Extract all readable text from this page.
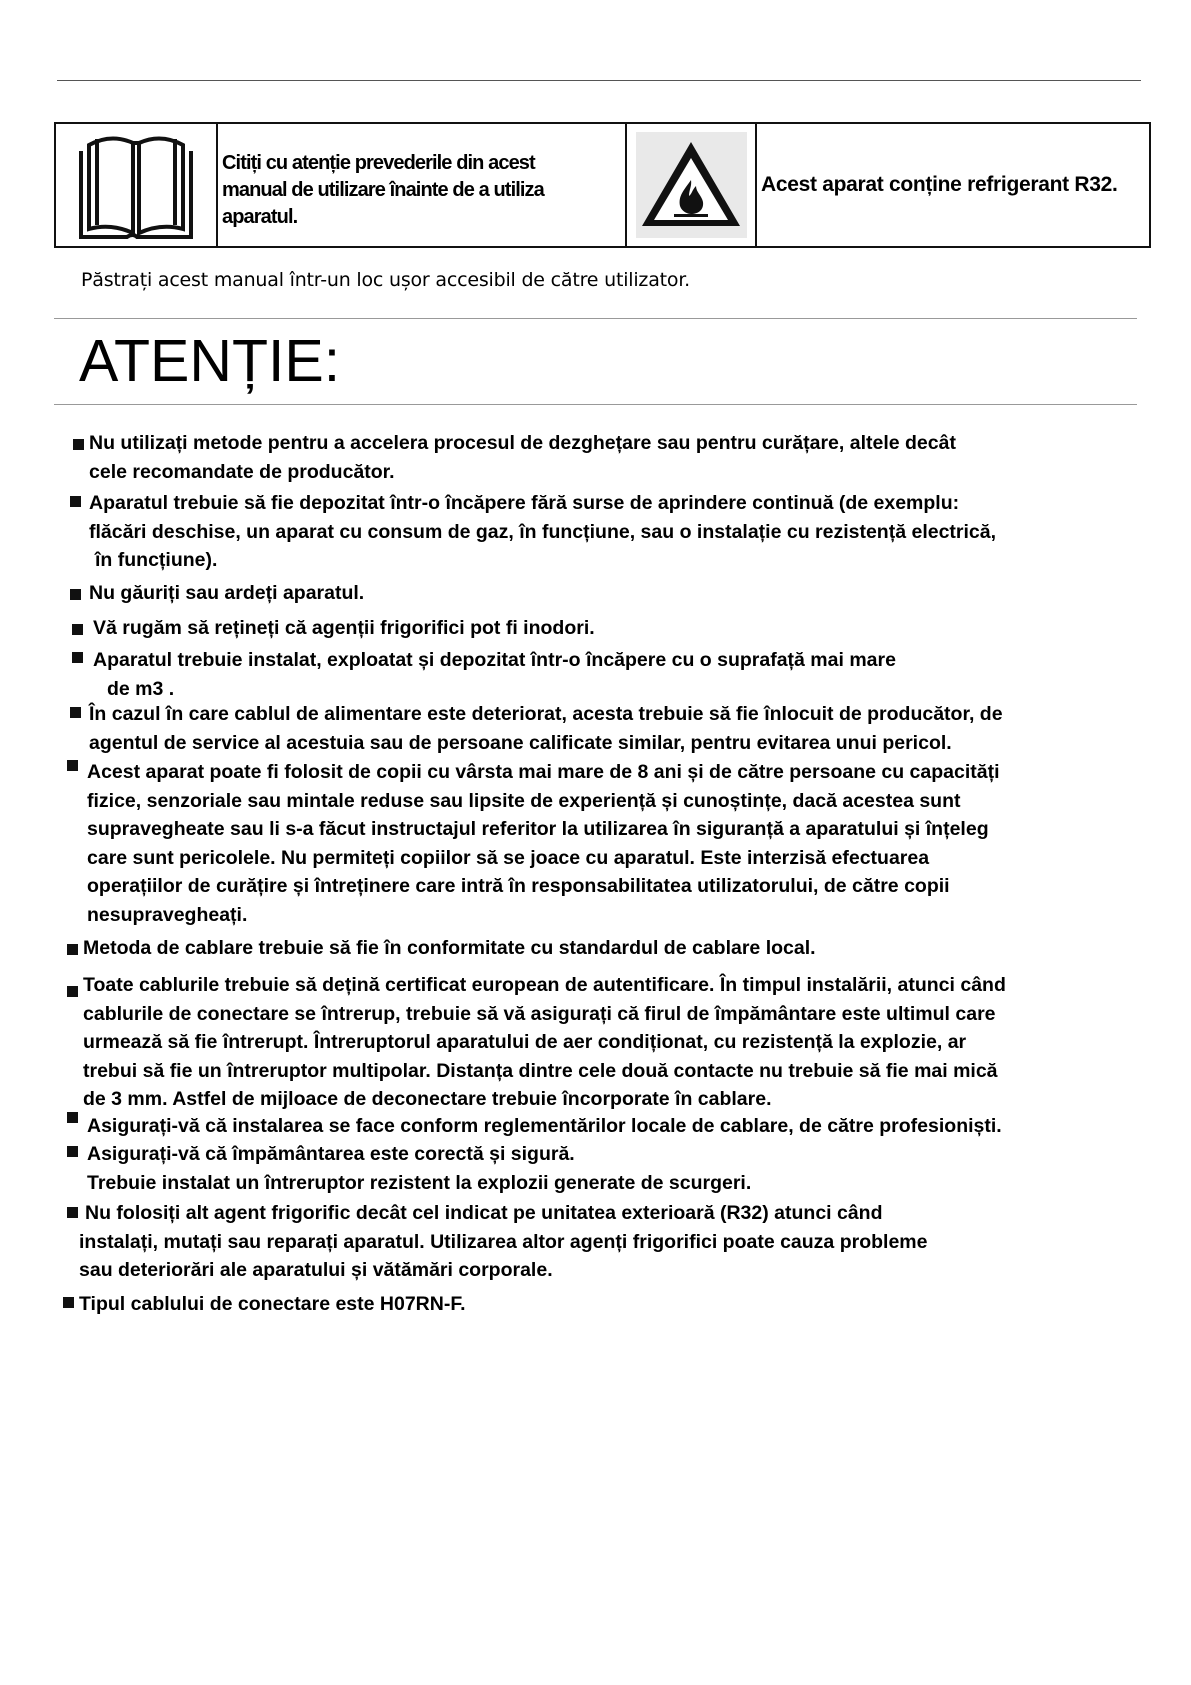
Citiți cu atenție prevederile din acest
manual de utilizare înainte de a utiliza
aparatul.
Acest aparat conține refrigerant R32.
Păstrați acest manual într-un loc ușor accesibil de către utilizator.
ATENȚIE:
Nu utilizați metode pentru a accelera procesul de dezghețare sau pentru curățare, altele decât
cele recomandate de producător.
Aparatul trebuie să fie depozitat într-o încăpere fără surse de aprindere continuă (de exemplu:
flăcări deschise, un aparat cu consum de gaz, în funcțiune, sau o instalație cu rezistență electrică,
în funcțiune).
Nu găuriți sau ardeți aparatul.
Vă rugăm să rețineți că agenții frigorifici pot fi inodori.
Aparatul trebuie instalat, exploatat și depozitat într-o încăpere cu o suprafață mai mare
de m3 .
În cazul în care cablul de alimentare este deteriorat, acesta trebuie să fie înlocuit de producător, de
agentul de service al acestuia sau de persoane calificate similar, pentru evitarea unui pericol.
Acest aparat poate fi folosit de copii cu vârsta mai mare de 8 ani și de către persoane cu capacități
fizice, senzoriale sau mintale reduse sau lipsite de experiență și cunoștințe, dacă acestea sunt
supravegheate sau li s-a făcut instructajul referitor la utilizarea în siguranță a aparatului și înțeleg
care sunt pericolele. Nu permiteți copiilor să se joace cu aparatul. Este interzisă efectuarea
operațiilor de curățire și întreținere care intră în responsabilitatea utilizatorului, de către copii
nesupravegheați.
Metoda de cablare trebuie să fie în conformitate cu standardul de cablare local.
Toate cablurile trebuie să dețină certificat european de autentificare. În timpul instalării, atunci când
cablurile de conectare se întrerup, trebuie să vă asigurați că firul de împământare este ultimul care
urmează să fie întrerupt. Întreruptorul aparatului de aer condiționat, cu rezistență la explozie, ar
trebui să fie un întreruptor multipolar. Distanța dintre cele două contacte nu trebuie să fie mai mică
de 3 mm. Astfel de mijloace de deconectare trebuie încorporate în cablare.
Asigurați-vă că instalarea se face conform reglementărilor locale de cablare, de către profesioniști.
Asigurați-vă că împământarea este corectă și sigură.
Trebuie instalat un întreruptor rezistent la explozii generate de scurgeri.
Nu folosiți alt agent frigorific decât cel indicat pe unitatea exterioară (R32) atunci când
instalați, mutați sau reparați aparatul. Utilizarea altor agenți frigorifici poate cauza probleme
sau deteriorări ale aparatului și vătămări corporale.
Tipul cablului de conectare este H07RN-F.
